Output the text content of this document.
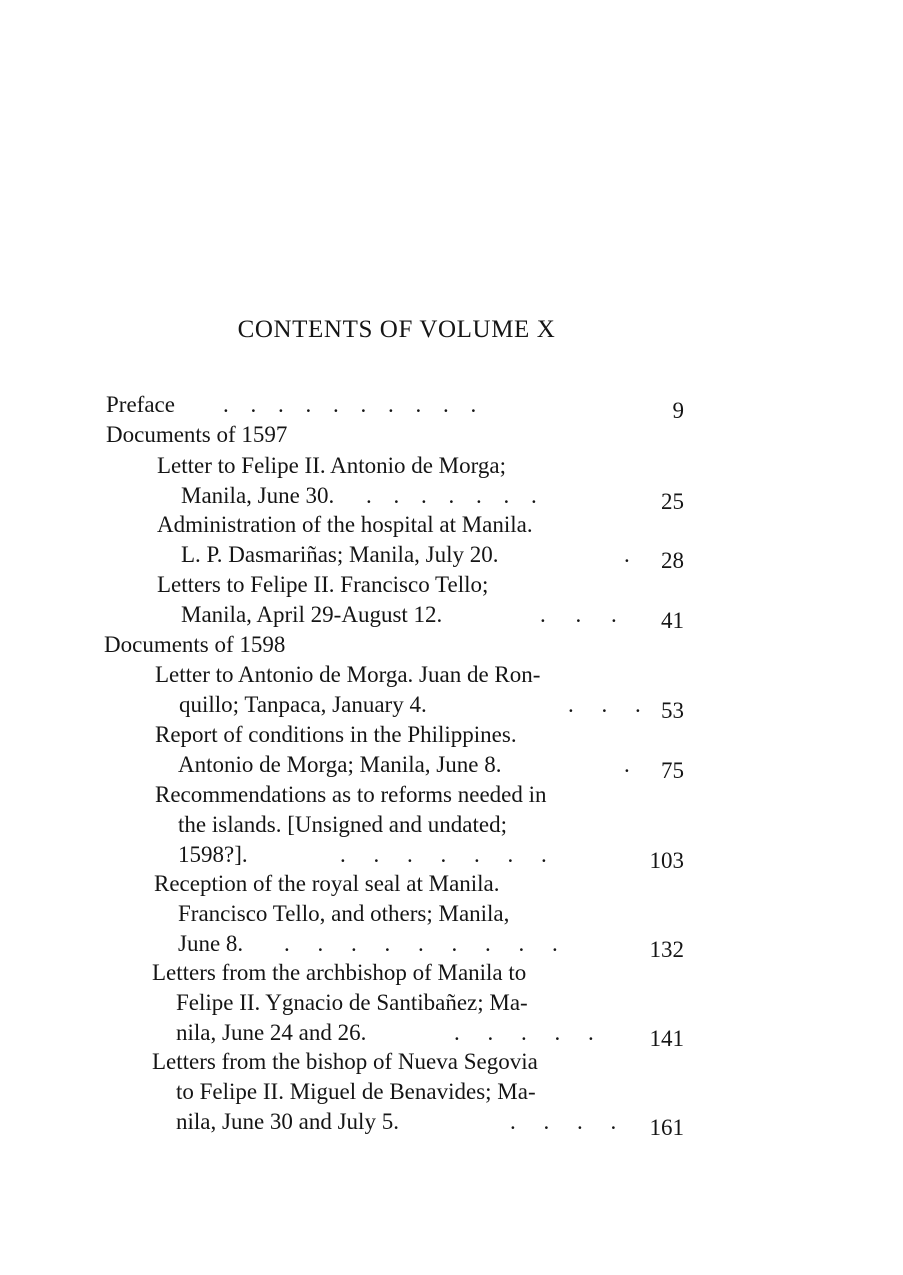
CONTENTS OF VOLUME X
Preface . . . . . . . . . .	9
Documents of 1597
Letter to Felipe II. Antonio de Morga;
Manila, June 30. . . . . . . .	25
Administration of the hospital at Manila.
L. P. Dasmariñas; Manila, July 20.	.	28
Letters to Felipe II. Francisco Tello;
Manila, April 29-August 12.	. . .	41
Documents of 1598
Letter to Antonio de Morga. Juan de Ron-
quillo; Tanpaca, January 4.	. . . 53
Report of conditions in the Philippines.
Antonio de Morga; Manila, June 8.	.	75
Recommendations as to reforms needed in
the islands. [Unsigned and undated;
1598?].	. . . . . . .	103
Reception of the royal seal at Manila.
Francisco Tello, and others; Manila,
June 8. . . . . . . . . .	132
Letters from the archbishop of Manila to
Felipe II. Ygnacio de Santibañez; Ma-
nila, June 24 and 26.	. . . . .	141
Letters from the bishop of Nueva Segovia
to Felipe II. Miguel de Benavides; Ma-
nila, June 30 and July 5.	. . . .	161
